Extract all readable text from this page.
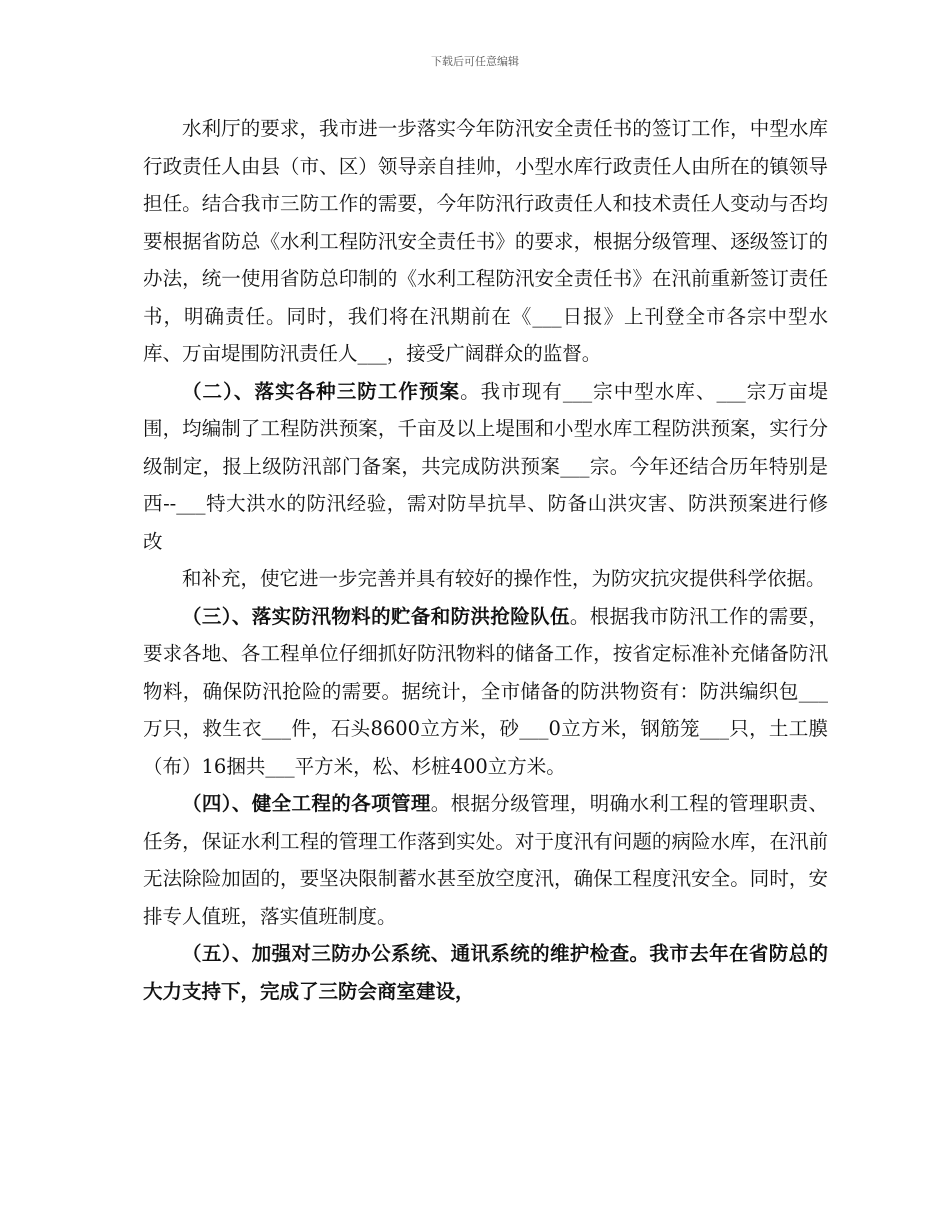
下载后可任意编辑

水利厅的要求，我市进一步落实今年防汛安全责任书的签订工作，中型水库行政责任人由县（市、区）领导亲自挂帅，小型水库行政责任人由所在的镇领导担任。结合我市三防工作的需要，今年防汛行政责任人和技术责任人变动与否均要根据省防总《水利工程防汛安全责任书》的要求，根据分级管理、逐级签订的办法，统一使用省防总印制的《水利工程防汛安全责任书》在汛前重新签订责任书，明确责任。同时，我们将在汛期前在《___日报》上刊登全市各宗中型水库、万亩堤围防汛责任人___，接受广阔群众的监督。

（二）、落实各种三防工作预案。我市现有___宗中型水库、___宗万亩堤围，均编制了工程防洪预案，千亩及以上堤围和小型水库工程防洪预案，实行分级制定，报上级防汛部门备案，共完成防洪预案___宗。今年还结合历年特别是西--___特大洪水的防汛经验，需对防旱抗旱、防备山洪灾害、防洪预案进行修改

和补充，使它进一步完善并具有较好的操作性，为防灾抗灾提供科学依据。

（三）、落实防汛物料的贮备和防洪抢险队伍。根据我市防汛工作的需要，要求各地、各工程单位仔细抓好防汛物料的储备工作，按省定标准补充储备防汛物料，确保防汛抢险的需要。据统计，全市储备的防洪物资有：防洪编织包___万只，救生衣___件，石头8600立方米，砂___0立方米，钢筋笼___只，土工膜（布）16捆共___平方米，松、杉桩400立方米。

（四）、健全工程的各项管理。根据分级管理，明确水利工程的管理职责、任务，保证水利工程的管理工作落到实处。对于度汛有问题的病险水库，在汛前无法除险加固的，要坚决限制蓄水甚至放空度汛，确保工程度汛安全。同时，安排专人值班，落实值班制度。

（五）、加强对三防办公系统、通讯系统的维护检查。我市去年在省防总的大力支持下，完成了三防会商室建设，
